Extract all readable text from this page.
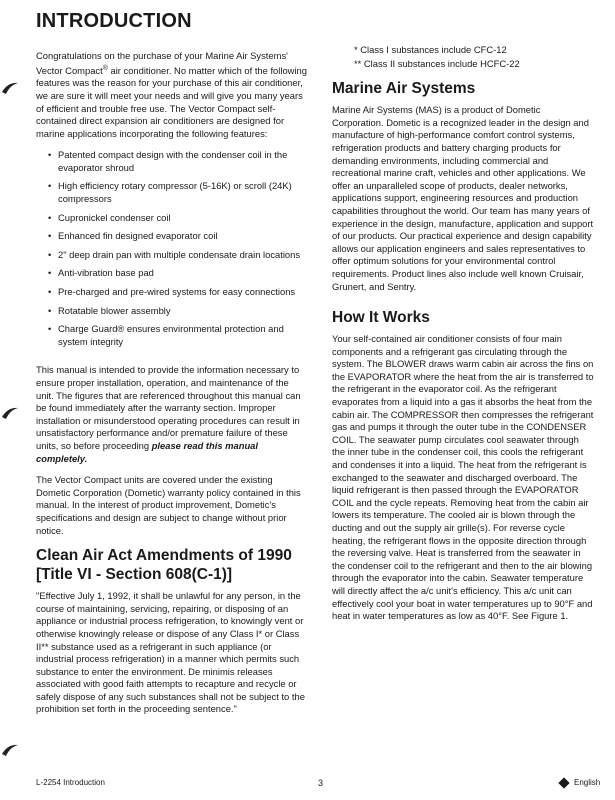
INTRODUCTION

Congratulations on the purchase of your Marine Air Systems' Vector Compact® air conditioner. No matter which of the following features was the reason for your purchase of this air conditioner, we are sure it will meet your needs and will give you many years of efficient and trouble free use. The Vector Compact self-contained direct expansion air conditioners are designed for marine applications incorporating the following features:

• Patented compact design with the condenser coil in the evaporator shroud
• High efficiency rotary compressor (5-16K) or scroll (24K) compressors
• Cupronickel condenser coil
• Enhanced fin designed evaporator coil
• 2" deep drain pan with multiple condensate drain locations
• Anti-vibration base pad
• Pre-charged and pre-wired systems for easy connections
• Rotatable blower assembly
• Charge Guard® ensures environmental protection and system integrity

This manual is intended to provide the information necessary to ensure proper installation, operation, and maintenance of the unit. The figures that are referenced throughout this manual can be found immediately after the warranty section. Improper installation or misunderstood operating procedures can result in unsatisfactory performance and/or premature failure of these units, so before proceeding please read this manual completely.

The Vector Compact units are covered under the existing Dometic Corporation (Dometic) warranty policy contained in this manual. In the interest of product improvement, Dometic's specifications and design are subject to change without prior notice.

Clean Air Act Amendments of 1990 [Title VI - Section 608(C-1)]

"Effective July 1, 1992, it shall be unlawful for any person, in the course of maintaining, servicing, repairing, or disposing of an appliance or industrial process refrigeration, to knowingly vent or otherwise knowingly release or dispose of any Class I* or Class II** substance used as a refrigerant in such appliance (or industrial process refrigeration) in a manner which permits such substance to enter the environment. De minimis releases associated with good faith attempts to recapture and recycle or safely dispose of any such substances shall not be subject to the prohibition set forth in the proceeding sentence."

* Class I substances include CFC-12
** Class II substances include HCFC-22
Marine Air Systems

Marine Air Systems (MAS) is a product of Dometic Corporation. Dometic is a recognized leader in the design and manufacture of high-performance comfort control systems, refrigeration products and battery charging products for demanding environments, including commercial and recreational marine craft, vehicles and other applications. We offer an unparalleled scope of products, dealer networks, applications support, engineering resources and production capabilities throughout the world. Our team has many years of experience in the design, manufacture, application and support of our products. Our practical experience and design capability allows our application engineers and sales representatives to offer optimum solutions for your environmental control requirements. Product lines also include well known Cruisair, Grunert, and Sentry.

How It Works

Your self-contained air conditioner consists of four main components and a refrigerant gas circulating through the system. The BLOWER draws warm cabin air across the fins on the EVAPORATOR where the heat from the air is transferred to the refrigerant in the evaporator coil. As the refrigerant evaporates from a liquid into a gas it absorbs the heat from the cabin air. The COMPRESSOR then compresses the refrigerant gas and pumps it through the outer tube in the CONDENSER COIL. The seawater pump circulates cool seawater through the inner tube in the condenser coil, this cools the refrigerant and condenses it into a liquid. The heat from the refrigerant is exchanged to the seawater and discharged overboard. The liquid refrigerant is then passed through the EVAPORATOR COIL and the cycle repeats. Removing heat from the cabin air lowers its temperature. The cooled air is blown through the ducting and out the supply air grille(s). For reverse cycle heating, the refrigerant flows in the opposite direction through the reversing valve. Heat is transferred from the seawater in the condenser coil to the refrigerant and then to the air blowing through the evaporator into the cabin. Seawater temperature will directly affect the a/c unit's efficiency. This a/c unit can effectively cool your boat in water temperatures up to 90°F and heat in water temperatures as low as 40°F. See Figure 1.

L-2254 Introduction	3	English
